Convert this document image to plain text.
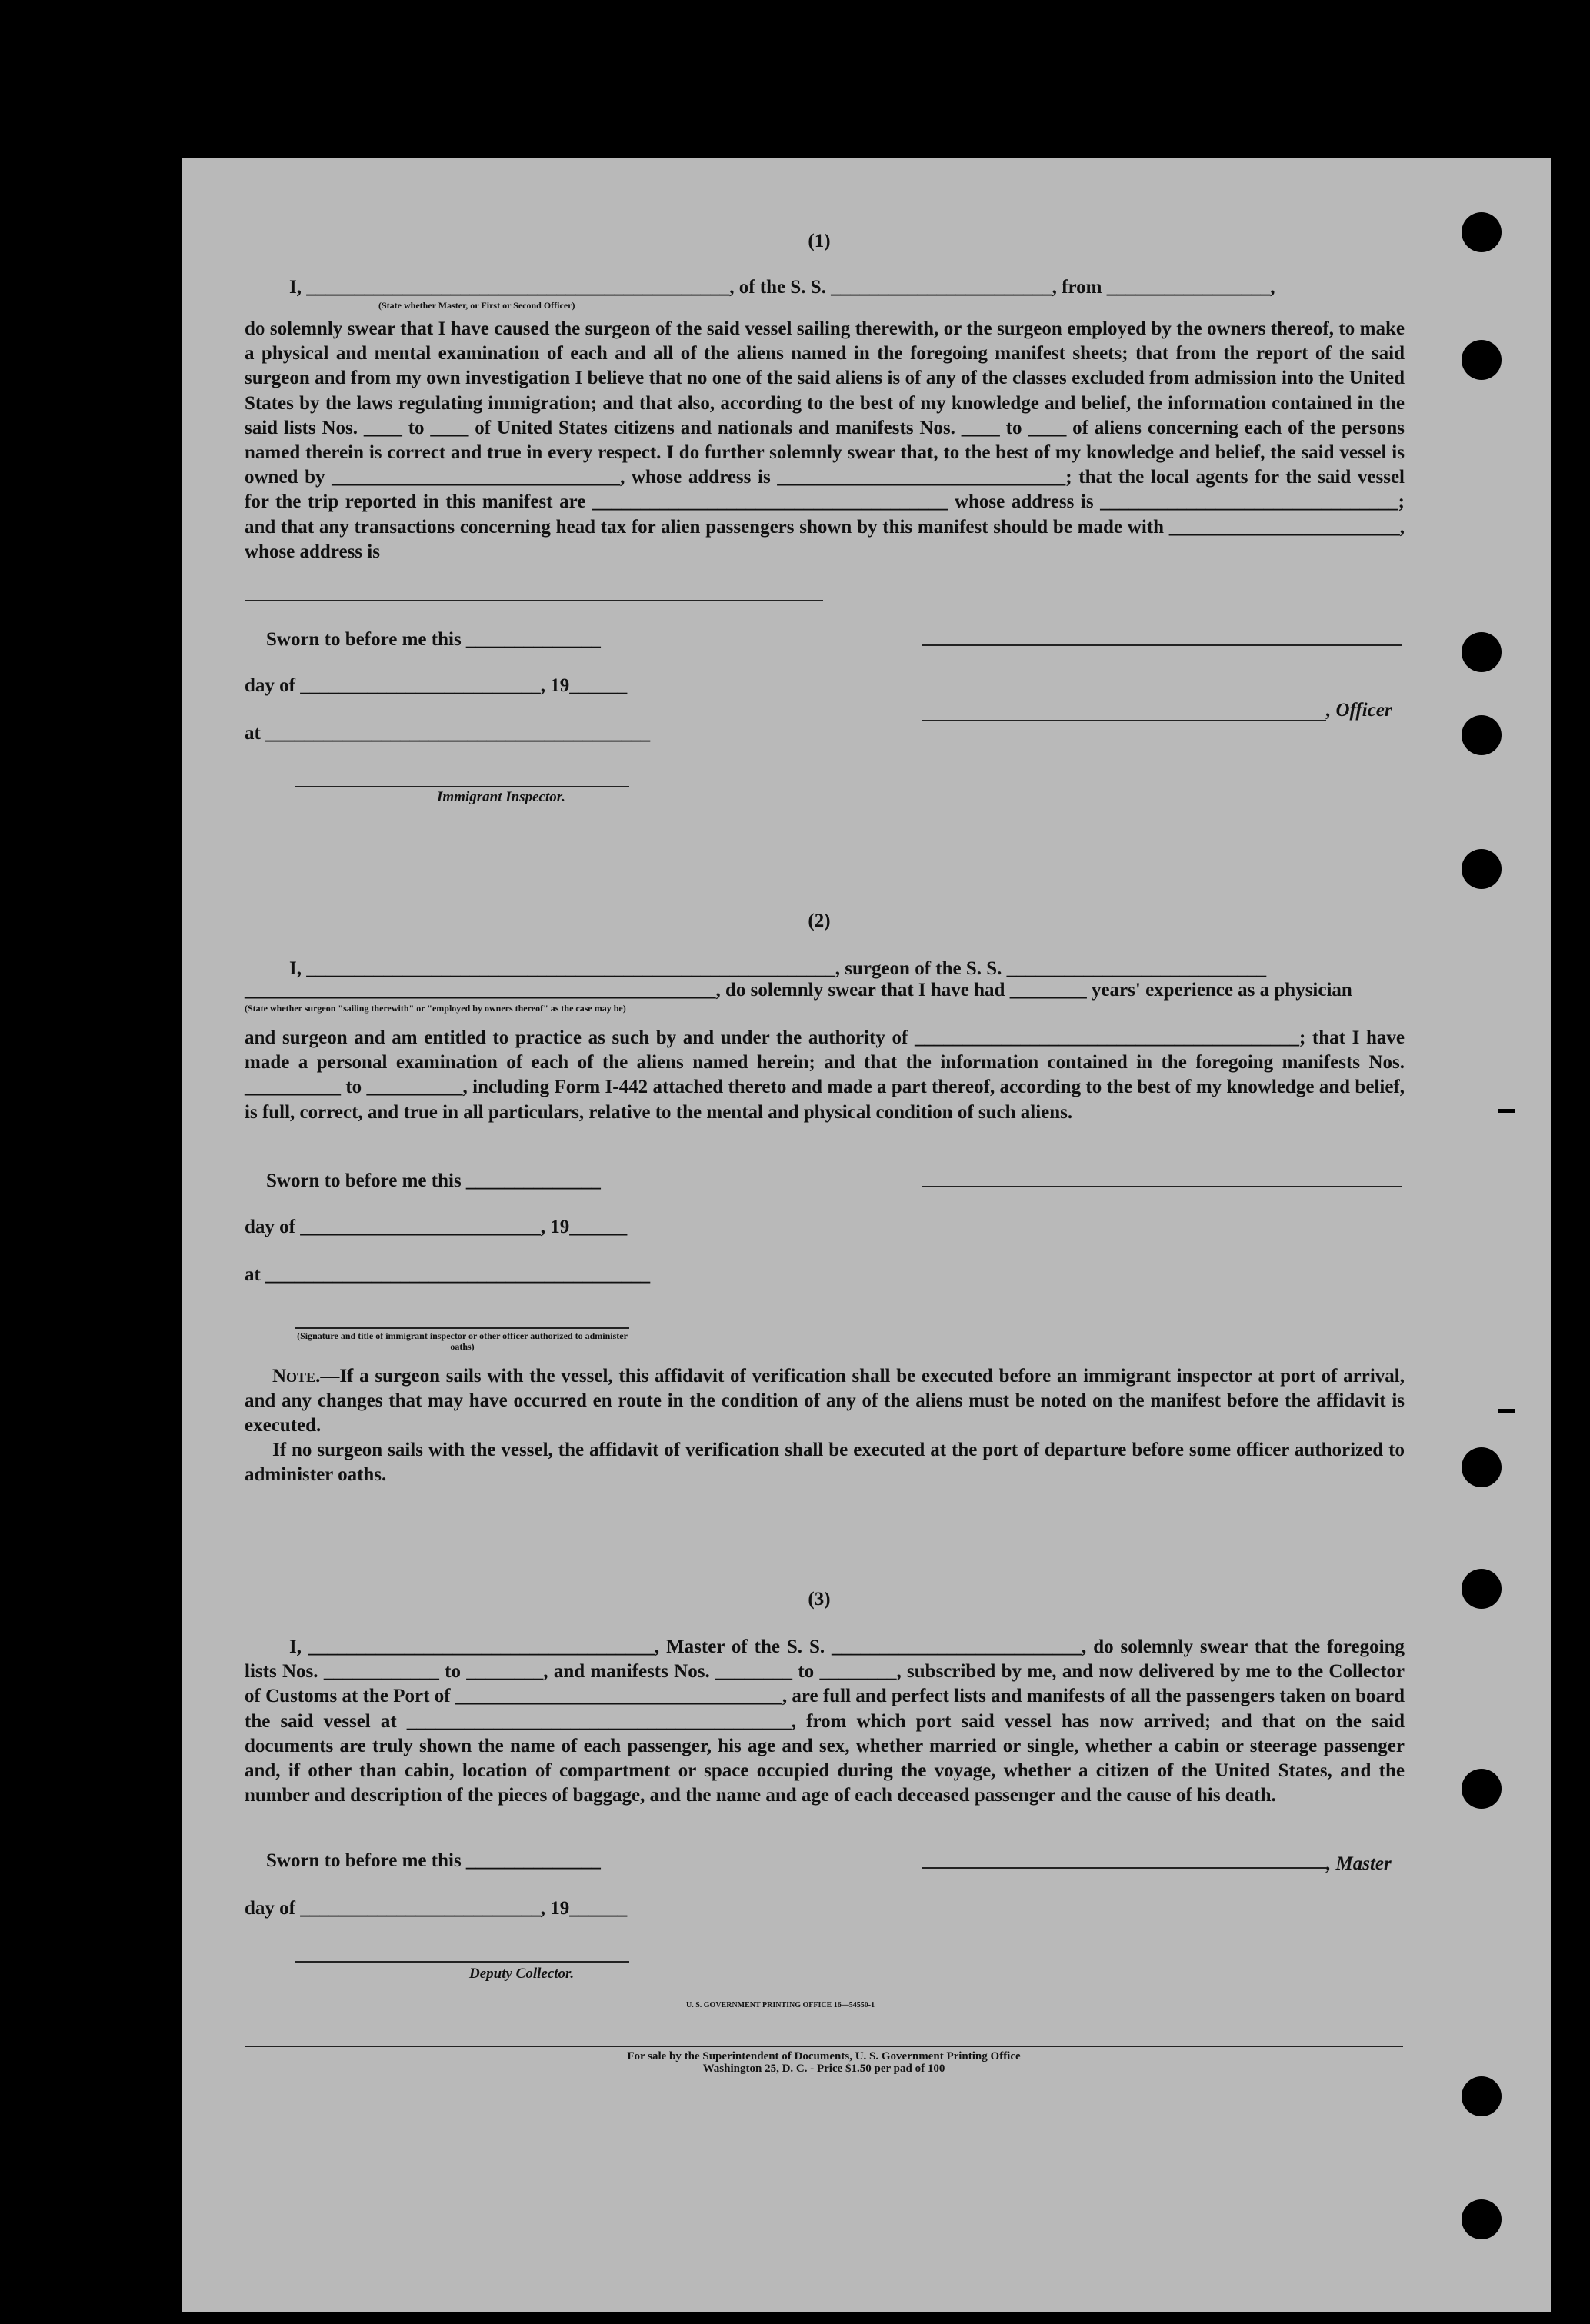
(1)
I, ____________________________________________, of the S. S. _______________________, from _________________,
(State whether Master, or First or Second Officer)
do solemnly swear that I have caused the surgeon of the said vessel sailing therewith, or the surgeon employed by the owners thereof, to make a physical and mental examination of each and all of the aliens named in the foregoing manifest sheets; that from the report of the said surgeon and from my own investigation I believe that no one of the said aliens is of any of the classes excluded from admission into the United States by the laws regulating immigration; and that also, according to the best of my knowledge and belief, the information contained in the said lists Nos. ____ to ____ of United States citizens and nationals and manifests Nos. ____ to ____ of aliens concerning each of the persons named therein is correct and true in every respect. I do further solemnly swear that, to the best of my knowledge and belief, the said vessel is owned by ______________________________, whose address is ______________________________; that the local agents for the said vessel for the trip reported in this manifest are _____________________________________ whose address is _______________________________; and that any transactions concerning head tax for alien passengers shown by this manifest should be made with ________________________, whose address is
Sworn to before me this ______________
day of _________________________, 19______
, Officer
at ________________________________________
Immigrant Inspector.
(2)
I, _______________________________________________________, surgeon of the S. S. ___________________________
_________________________________________________, do solemnly swear that I have had ________ years' experience as a physician
(State whether surgeon "sailing therewith" or "employed by owners thereof" as the case may be)
and surgeon and am entitled to practice as such by and under the authority of ________________________________________; that I have made a personal examination of each of the aliens named herein; and that the information contained in the foregoing manifests Nos. __________ to __________, including Form I-442 attached thereto and made a part thereof, according to the best of my knowledge and belief, is full, correct, and true in all particulars, relative to the mental and physical condition of such aliens.
Sworn to before me this ______________
day of _________________________, 19______
at ________________________________________
(Signature and title of immigrant inspector or other officer authorized to administer oaths)
Note.—If a surgeon sails with the vessel, this affidavit of verification shall be executed before an immigrant inspector at port of arrival, and any changes that may have occurred en route in the condition of any of the aliens must be noted on the manifest before the affidavit is executed.
If no surgeon sails with the vessel, the affidavit of verification shall be executed at the port of departure before some officer authorized to administer oaths.
(3)
I, ____________________________________, Master of the S. S. __________________________, do solemnly swear that the foregoing lists Nos. ____________ to ________, and manifests Nos. ________ to ________, subscribed by me, and now delivered by me to the Collector of Customs at the Port of __________________________________, are full and perfect lists and manifests of all the passengers taken on board the said vessel at ________________________________________, from which port said vessel has now arrived; and that on the said documents are truly shown the name of each passenger, his age and sex, whether married or single, whether a cabin or steerage passenger and, if other than cabin, location of compartment or space occupied during the voyage, whether a citizen of the United States, and the number and description of the pieces of baggage, and the name and age of each deceased passenger and the cause of his death.
Sworn to before me this ______________	, Master
day of _________________________, 19______
Deputy Collector.
U. S. GOVERNMENT PRINTING OFFICE 16—54550-1
For sale by the Superintendent of Documents, U. S. Government Printing Office
Washington 25, D. C. - Price $1.50 per pad of 100
